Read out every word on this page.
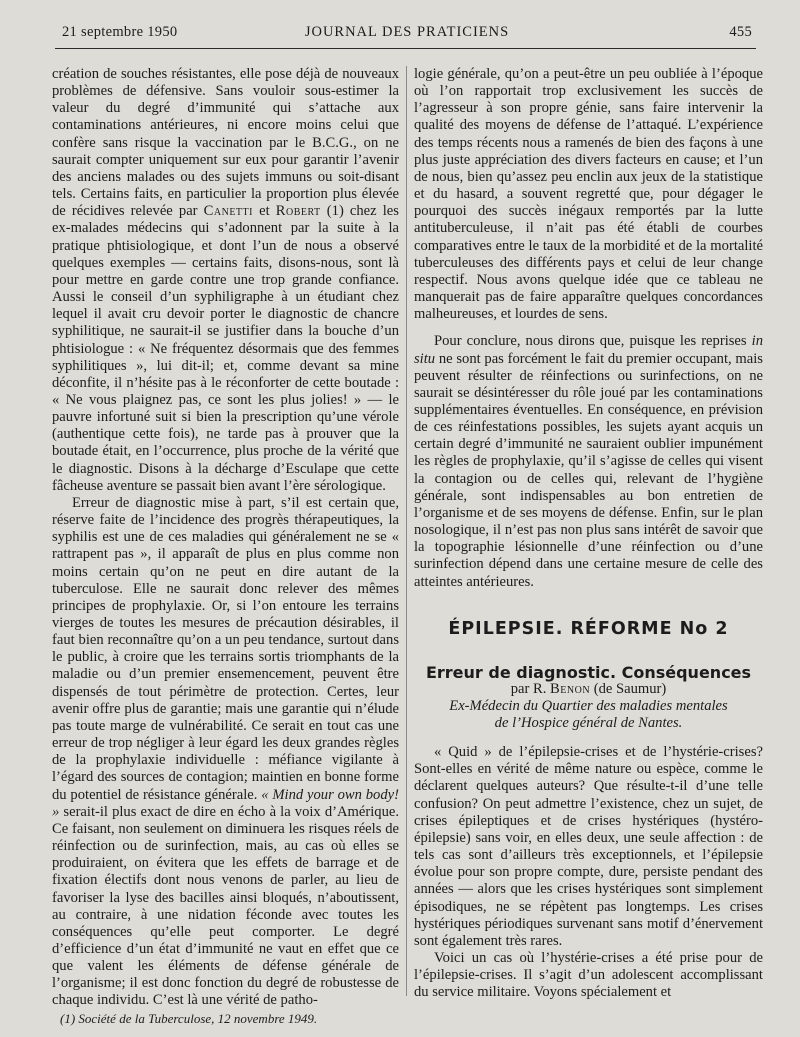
21 septembre 1950	JOURNAL DES PRATICIENS	455

création de souches résistantes, elle pose déjà de nouveaux problèmes de défensive. Sans vouloir sous-estimer la valeur du degré d’immunité qui s’attache aux contaminations antérieures, ni encore moins celui que confère sans risque la vaccination par le B.C.G., on ne saurait compter uniquement sur eux pour garantir l’avenir des anciens malades ou des sujets immuns ou soit-disant tels. Certains faits, en particulier la proportion plus élevée de récidives relevée par Canetti et Robert (1) chez les ex-malades médecins qui s’adonnent par la suite à la pratique phtisiologique, et dont l’un de nous a observé quelques exemples — certains faits, disons-nous, sont là pour mettre en garde contre une trop grande confiance. Aussi le conseil d’un syphiligraphe à un étudiant chez lequel il avait cru devoir porter le diagnostic de chancre syphilitique, ne saurait-il se justifier dans la bouche d’un phtisiologue : « Ne fréquentez désormais que des femmes syphilitiques », lui dit-il; et, comme devant sa mine déconfite, il n’hésite pas à le réconforter de cette boutade : « Ne vous plaignez pas, ce sont les plus jolies! » — le pauvre infortuné suit si bien la prescription qu’une vérole (authentique cette fois), ne tarde pas à prouver que la boutade était, en l’occurrence, plus proche de la vérité que le diagnostic. Disons à la décharge d’Esculape que cette fâcheuse aventure se passait bien avant l’ère sérologique.

Erreur de diagnostic mise à part, s’il est certain que, réserve faite de l’incidence des progrès thérapeutiques, la syphilis est une de ces maladies qui généralement ne se « rattrapent pas », il apparaît de plus en plus comme non moins certain qu’on ne peut en dire autant de la tuberculose. Elle ne saurait donc relever des mêmes principes de prophylaxie. Or, si l’on entoure les terrains vierges de toutes les mesures de précaution désirables, il faut bien reconnaître qu’on a un peu tendance, surtout dans le public, à croire que les terrains sortis triomphants de la maladie ou d’un premier ensemencement, peuvent être dispensés de tout périmètre de protection. Certes, leur avenir offre plus de garantie; mais une garantie qui n’élude pas toute marge de vulnérabilité. Ce serait en tout cas une erreur de trop négliger à leur égard les deux grandes règles de la prophylaxie individuelle : méfiance vigilante à l’égard des sources de contagion; maintien en bonne forme du potentiel de résistance générale. « Mind your own body! » serait-il plus exact de dire en écho à la voix d’Amérique. Ce faisant, non seulement on diminuera les risques réels de réinfection ou de surinfection, mais, au cas où elles se produiraient, on évitera que les effets de barrage et de fixation électifs dont nous venons de parler, au lieu de favoriser la lyse des bacilles ainsi bloqués, n’aboutissent, au contraire, à une nidation féconde avec toutes les conséquences qu’elle peut comporter. Le degré d’efficience d’un état d’immunité ne vaut en effet que ce que valent les éléments de défense générale de l’organisme; il est donc fonction du degré de robustesse de chaque individu. C’est là une vérité de patho-

(1) Société de la Tuberculose, 12 novembre 1949.

logie générale, qu’on a peut-être un peu oubliée à l’époque où l’on rapportait trop exclusivement les succès de l’agresseur à son propre génie, sans faire intervenir la qualité des moyens de défense de l’attaqué. L’expérience des temps récents nous a ramenés de bien des façons à une plus juste appréciation des divers facteurs en cause; et l’un de nous, bien qu’assez peu enclin aux jeux de la statistique et du hasard, a souvent regretté que, pour dégager le pourquoi des succès inégaux remportés par la lutte antituberculeuse, il n’ait pas été établi de courbes comparatives entre le taux de la morbidité et de la mortalité tuberculeuses des différents pays et celui de leur change respectif. Nous avons quelque idée que ce tableau ne manquerait pas de faire apparaître quelques concordances malheureuses, et lourdes de sens.

Pour conclure, nous dirons que, puisque les reprises in situ ne sont pas forcément le fait du premier occupant, mais peuvent résulter de réinfections ou surinfections, on ne saurait se désintéresser du rôle joué par les contaminations supplémentaires éventuelles. En conséquence, en prévision de ces réinfestations possibles, les sujets ayant acquis un certain degré d’immunité ne sauraient oublier impunément les règles de prophylaxie, qu’il s’agisse de celles qui visent la contagion ou de celles qui, relevant de l’hygiène générale, sont indispensables au bon entretien de l’organisme et de ses moyens de défense. Enfin, sur le plan nosologique, il n’est pas non plus sans intérêt de savoir que la topographie lésionnelle d’une réinfection ou d’une surinfection dépend dans une certaine mesure de celle des atteintes antérieures.

ÉPILEPSIE. RÉFORME No 2
Erreur de diagnostic. Conséquences

par R. Benon (de Saumur)

Ex-Médecin du Quartier des maladies mentales

de l’Hospice général de Nantes.

« Quid » de l’épilepsie-crises et de l’hystérie-crises? Sont-elles en vérité de même nature ou espèce, comme le déclarent quelques auteurs? Que résulte-t-il d’une telle confusion? On peut admettre l’existence, chez un sujet, de crises épileptiques et de crises hystériques (hystéro-épilepsie) sans voir, en elles deux, une seule affection : de tels cas sont d’ailleurs très exceptionnels, et l’épilepsie évolue pour son propre compte, dure, persiste pendant des années — alors que les crises hystériques sont simplement épisodiques, ne se répètent pas longtemps. Les crises hystériques périodiques survenant sans motif d’énervement sont également très rares.

Voici un cas où l’hystérie-crises a été prise pour de l’épilepsie-crises. Il s’agit d’un adolescent accomplissant du service militaire. Voyons spécialement et
